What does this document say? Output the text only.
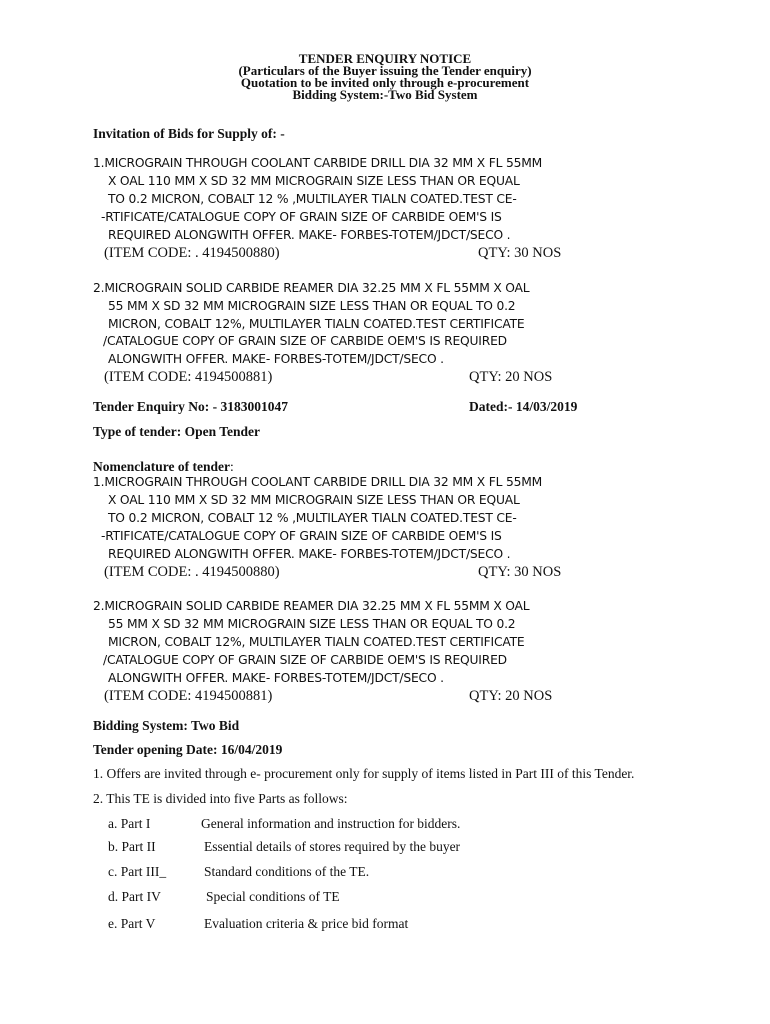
TENDER ENQUIRY NOTICE
(Particulars of the Buyer issuing the Tender enquiry)
Quotation to be invited only through e-procurement
Bidding System:-Two Bid System
Invitation of Bids for Supply of: -
1.MICROGRAIN THROUGH COOLANT CARBIDE DRILL DIA 32 MM X FL 55MM
X OAL 110 MM X SD 32 MM MICROGRAIN SIZE LESS THAN OR EQUAL
TO 0.2 MICRON, COBALT 12 % ,MULTILAYER TIALN COATED.TEST CE-
-RTIFICATE/CATALOGUE COPY OF GRAIN SIZE OF CARBIDE OEM'S IS
REQUIRED ALONGWITH OFFER. MAKE- FORBES-TOTEM/JDCT/SECO .
(ITEM CODE: . 4194500880)	QTY: 30 NOS
2.MICROGRAIN SOLID CARBIDE REAMER DIA 32.25 MM X FL 55MM X OAL
55 MM X SD 32 MM MICROGRAIN SIZE LESS THAN OR EQUAL TO 0.2
MICRON, COBALT 12%, MULTILAYER TIALN COATED.TEST CERTIFICATE
/CATALOGUE COPY OF GRAIN SIZE OF CARBIDE OEM'S IS REQUIRED
ALONGWITH OFFER. MAKE- FORBES-TOTEM/JDCT/SECO .
(ITEM CODE: 4194500881)	QTY: 20 NOS
Tender Enquiry No: - 3183001047	Dated:- 14/03/2019
Type of tender: Open Tender
Nomenclature of tender:
1.MICROGRAIN THROUGH COOLANT CARBIDE DRILL DIA 32 MM X FL 55MM
X OAL 110 MM X SD 32 MM MICROGRAIN SIZE LESS THAN OR EQUAL
TO 0.2 MICRON, COBALT 12 % ,MULTILAYER TIALN COATED.TEST CE-
-RTIFICATE/CATALOGUE COPY OF GRAIN SIZE OF CARBIDE OEM'S IS
REQUIRED ALONGWITH OFFER. MAKE- FORBES-TOTEM/JDCT/SECO .
(ITEM CODE: . 4194500880)	QTY: 30 NOS
2.MICROGRAIN SOLID CARBIDE REAMER DIA 32.25 MM X FL 55MM X OAL
55 MM X SD 32 MM MICROGRAIN SIZE LESS THAN OR EQUAL TO 0.2
MICRON, COBALT 12%, MULTILAYER TIALN COATED.TEST CERTIFICATE
/CATALOGUE COPY OF GRAIN SIZE OF CARBIDE OEM'S IS REQUIRED
ALONGWITH OFFER. MAKE- FORBES-TOTEM/JDCT/SECO .
(ITEM CODE: 4194500881)	QTY: 20 NOS
Bidding System: Two Bid
Tender opening Date: 16/04/2019
1. Offers are invited through e- procurement only for supply of items listed in Part III of this Tender.
2. This TE is divided into five Parts as follows:
a. Part I	General information and instruction for bidders.
b. Part II	Essential details of stores required by the buyer
c. Part III_	Standard conditions of the TE.
d. Part IV	Special conditions of TE
e. Part V	Evaluation criteria & price bid format
